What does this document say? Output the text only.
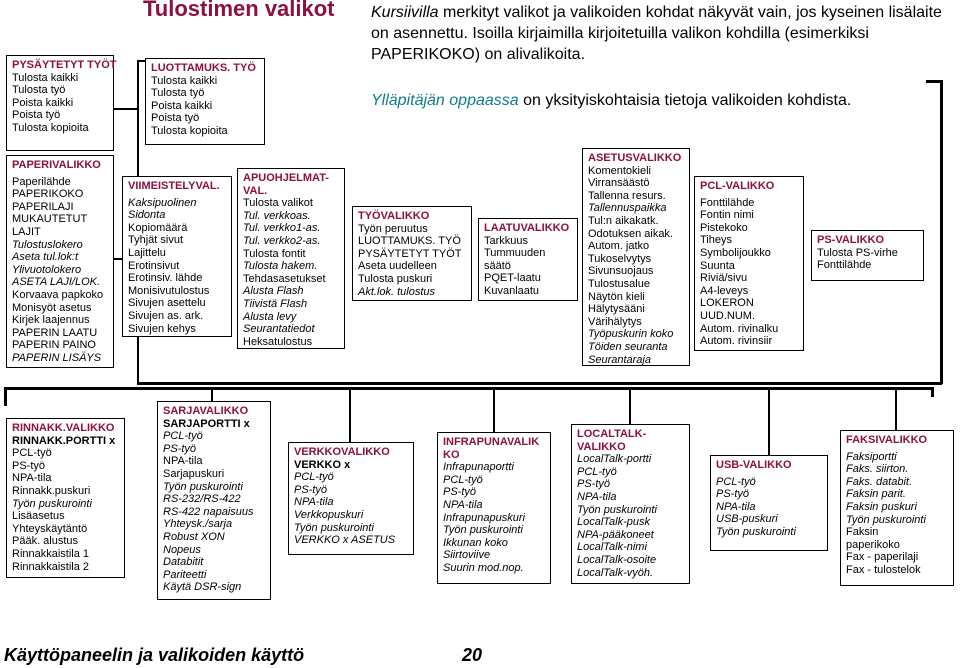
Tulostimen valikot Kursiivilla merkityt valikot ja valikoiden kohdat näkyvät vain, jos kyseinen lisälaite on asennettu. Isoilla kirjaimilla kirjoitetuilla valikon kohdilla (esimerkiksi PAPERIKOKO) on alivalikoita.
Ylläpitäjän oppaassa on yksityiskohtaisia tietoja valikoiden kohdista.
PYSÄYTETYT TYÖT
Tulosta kaikki
Tulosta työ
Poista kaikki
Poista työ
Tulosta kopioita
PAPERIVALIKKO

Paperilähde
PAPERIKOKO
PAPERILAJI
MUKAUTETUT
LAJIT
Tulostuslokero
Aseta tul.lok:t
Ylivuotolokero
ASETA LAJI/LOK.
Korvaava papkoko
Monisyöt asetus
Kirjek laajennus
PAPERIN LAATU
PAPERIN PAINO
PAPERIN LISÄYS
LUOTTAMUKS. TYÖ
Tulosta kaikki
Tulosta työ
Poista kaikki
Poista työ
Tulosta kopioita
VIIMEISTELYVAL.

Kaksipuolinen
Sidonta
Kopiomäärä
Tyhjät sivut
Lajittelu
Erotinsivut
Erotinsiv. lähde
Monisivutulostus
Sivujen asettelu
Sivujen as. ark.
Sivujen kehys
APUOHJELMAT-
VAL.
Tulosta valikot
Tul. verkkoas.
Tul. verkko1-as.
Tul. verkko2-as.
Tulosta fontit
Tulosta hakem.
Tehdasasetukset
Alusta Flash
Tiivistä Flash
Alusta levy
Seurantatiedot
Heksatulostus
TYÖVALIKKO
Työn peruutus
LUOTTAMUKS. TYÖ
PYSÄYTETYT TYÖT
Aseta uudelleen
Tulosta puskuri
Akt.lok. tulostus
LAATUVALIKKO
Tarkkuus
Tummuuden
säätö
PQET-laatu
Kuvanlaatu
ASETUSVALIKKO
Komentokieli
Virransäästö
Tallenna resurs.
Tallennuspaikka
Tul:n aikakatk.
Odotuksen aikak.
Autom. jatko
Tukoselvytys
Sivunsuojaus
Tulostusalue
Näytön kieli
Hälytysääni
Värihälytys
Työpuskurin koko
Töiden seuranta
Seurantaraja
PCL-VALIKKO

Fonttilähde
Fontin nimi
Pistekoko
Tiheys
Symbolijoukko
Suunta
Riviä/sivu
A4-leveys
LOKERON
UUD.NUM.
Autom. rivinalku
Autom. rivinsiir
PS-VALIKKO
Tulosta PS-virhe
Fonttilähde
RINNAKK.VALIKKO
RINNAKK.PORTTI x
PCL-työ
PS-työ
NPA-tila
Rinnakk.puskuri
Työn puskurointi
Lisäasetus
Yhteyskäytäntö
Pääk. alustus
Rinnakkaistila 1
Rinnakkaistila 2
SARJAVALIKKO
SARJAPORTTI x
PCL-työ
PS-työ
NPA-tila
Sarjapuskuri
Työn puskurointi
RS-232/RS-422
RS-422 napaisuus
Yhteysk./sarja
Robust XON
Nopeus
Databitit
Pariteetti
Käytä DSR-sign
VERKKOVALIKKO
VERKKO x
PCL-työ
PS-työ
NPA-tila
Verkkopuskuri
Työn puskurointi
VERKKO x ASETUS
INFRAPUNAVALIK
KO
Infrapunaportti
PCL-työ
PS-työ
NPA-tila
Infrapunapuskuri
Työn puskurointi
Ikkunan koko
Siirtoviive
Suurin mod.nop.
LOCALTALK-
VALIKKO
LocalTalk-portti
PCL-työ
PS-työ
NPA-tila
Työn puskurointi
LocalTalk-pusk
NPA-pääkoneet
LocalTalk-nimi
LocalTalk-osoite
LocalTalk-vyöh.
USB-VALIKKO

PCL-työ
PS-työ
NPA-tila
USB-puskuri
Työn puskurointi
FAKSIVALIKKO

Faksiportti
Faks. siirton.
Faks. databit.
Faksin parit.
Faksin puskuri
Työn puskurointi
Faksin
paperikoko
Fax - paperilaji
Fax - tulostelok
Käyttöpaneelin ja valikoiden käyttö	20
